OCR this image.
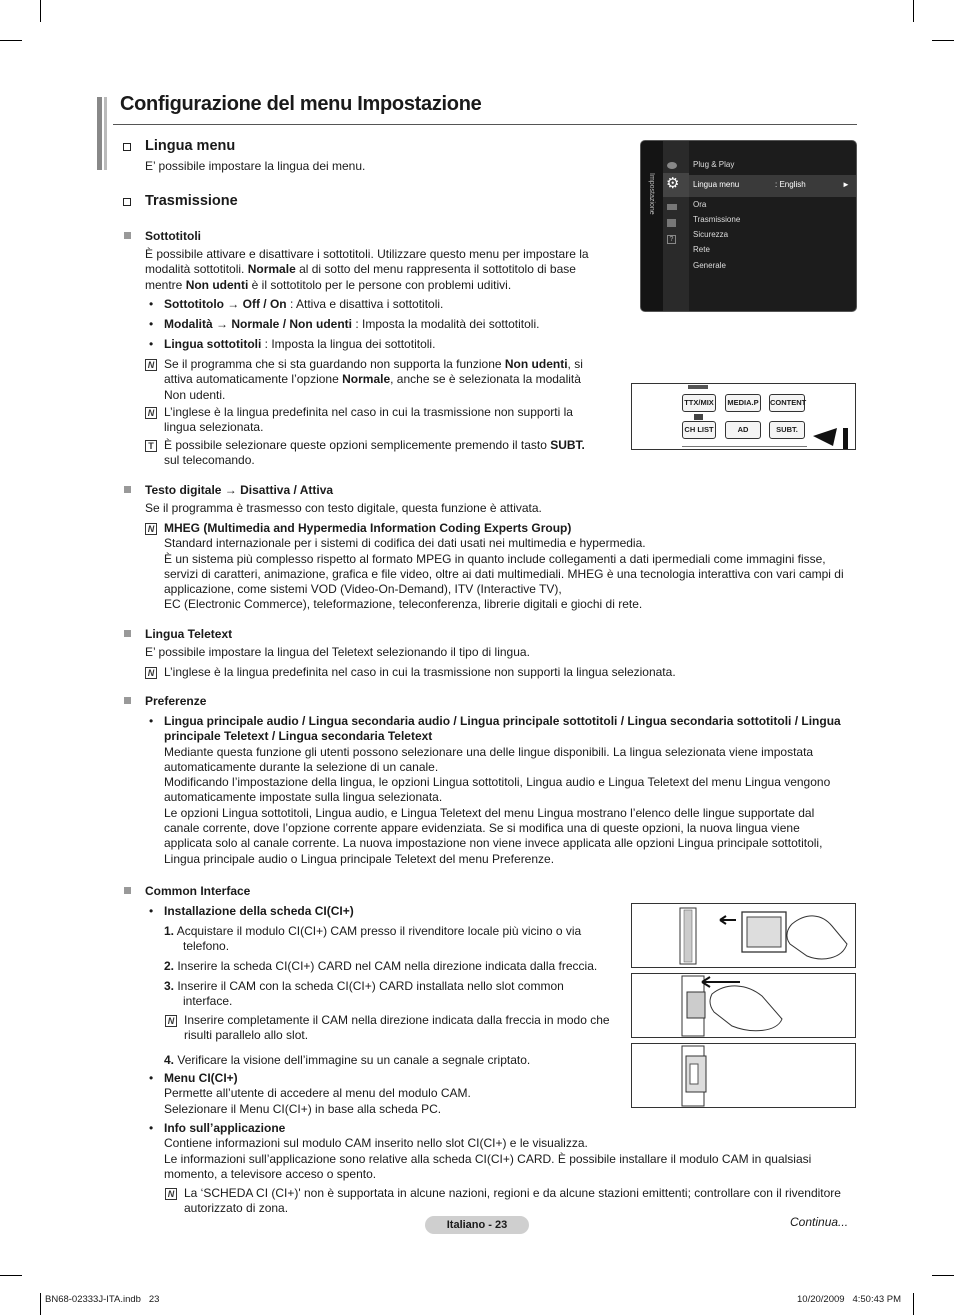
Configurazione del menu Impostazione
Lingua menu
E’ possibile impostare la lingua dei menu.
Trasmissione
Sottotitoli
È possibile attivare e disattivare i sottotitoli. Utilizzare questo menu per impostare la
modalità sottotitoli. Normale al di sotto del menu rappresenta il sottotitolo di base
mentre Non udenti è il sottotitolo per le persone con problemi uditivi.
• Sottotitolo → Off / On : Attiva e disattiva i sottotitoli.
• Modalità → Normale / Non udenti : Imposta la modalità dei sottotitoli.
• Lingua sottotitoli : Imposta la lingua dei sottotitoli.
N Se il programma che si sta guardando non supporta la funzione Non udenti, si
attiva automaticamente l’opzione Normale, anche se è selezionata la modalità
Non udenti.
N L’inglese è la lingua predefinita nel caso in cui la trasmissione non supporti la
lingua selezionata.
T È possibile selezionare queste opzioni semplicemente premendo il tasto SUBT.
sul telecomando.
Impostazione ⚙
?
Plug & Play
Lingua menu	: English	►
Ora
Trasmissione
Sicurezza
Rete
Generale
TTX/MIX	MEDIA.P	CONTENT
CH LIST	AD	SUBT.
Testo digitale → Disattiva / Attiva
Se il programma è trasmesso con testo digitale, questa funzione è attivata.
N MHEG (Multimedia and Hypermedia Information Coding Experts Group)
Standard internazionale per i sistemi di codifica dei dati usati nei multimedia e hypermedia.
È un sistema più complesso rispetto al formato MPEG in quanto include collegamenti a dati ipermediali come immagini fisse,
servizi di caratteri, animazione, grafica e file video, oltre ai dati multimediali. MHEG è una tecnologia interattiva con vari campi di
applicazione, come sistemi VOD (Video-On-Demand), ITV (Interactive TV),
EC (Electronic Commerce), teleformazione, teleconferenza, librerie digitali e giochi di rete.
Lingua Teletext
E’ possibile impostare la lingua del Teletext selezionando il tipo di lingua.
N L’inglese è la lingua predefinita nel caso in cui la trasmissione non supporti la lingua selezionata.
Preferenze
• Lingua principale audio / Lingua secondaria audio / Lingua principale sottotitoli / Lingua secondaria sottotitoli / Lingua
principale Teletext / Lingua secondaria Teletext
Mediante questa funzione gli utenti possono selezionare una delle lingue disponibili. La lingua selezionata viene impostata
automaticamente durante la selezione di un canale.
Modificando l’impostazione della lingua, le opzioni Lingua sottotitoli, Lingua audio e Lingua Teletext del menu Lingua vengono
automaticamente impostate sulla lingua selezionata.
Le opzioni Lingua sottotitoli, Lingua audio, e Lingua Teletext del menu Lingua mostrano l’elenco delle lingue supportate dal
canale corrente, dove l’opzione corrente appare evidenziata. Se si modifica una di queste opzioni, la nuova lingua viene
applicata solo al canale corrente. La nuova impostazione non viene invece applicata alle opzioni Lingua principale sottotitoli,
Lingua principale audio o Lingua principale Teletext del menu Preferenze.
Common Interface
• Installazione della scheda CI(CI+)
1. Acquistare il modulo CI(CI+) CAM presso il rivenditore locale più vicino o via
telefono.
2. Inserire la scheda CI(CI+) CARD nel CAM nella direzione indicata dalla freccia.
3. Inserire il CAM con la scheda CI(CI+) CARD installata nello slot common
interface.
N Inserire completamente il CAM nella direzione indicata dalla freccia in modo che
risulti parallelo allo slot.
4. Verificare la visione dell’immagine su un canale a segnale criptato.
• Menu CI(CI+)
Permette all’utente di accedere al menu del modulo CAM.
Selezionare il Menu CI(CI+) in base alla scheda PC.
• Info sull’applicazione
Contiene informazioni sul modulo CAM inserito nello slot CI(CI+) e le visualizza.
Le informazioni sull’applicazione sono relative alla scheda CI(CI+) CARD. È possibile installare il modulo CAM in qualsiasi
momento, a televisore acceso o spento.
N La ‘SCHEDA CI (CI+)' non è supportata in alcune nazioni, regioni e da alcune stazioni emittenti; controllare con il rivenditore
autorizzato di zona.
Italiano - 23	Continua...
BN68-02333J-ITA.indb   23	10/20/2009   4:50:43 PM
